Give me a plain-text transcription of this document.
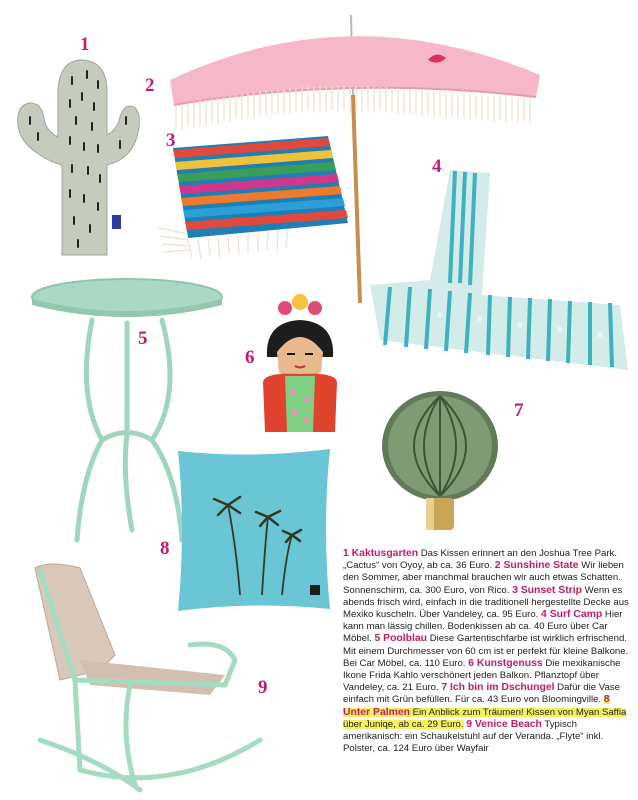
1
2
3
4
5
6
7
8
9
1 Kaktusgarten Das Kissen erinnert an den Joshua Tree Park. „Cactus“ von Oyoy, ab ca. 36 Euro. 2 Sunshine State Wir lieben den Sommer, aber manchmal brauchen wir auch etwas Schatten. Sonnenschirm, ca. 300 Euro, von Rico. 3 Sunset Strip Wenn es abends frisch wird, einfach in die traditionell hergestellte Decke aus Mexiko kuscheln. Über Vandeley, ca. 95 Euro. 4 Surf Camp Hier kann man lässig chillen. Bodenkissen ab ca. 40 Euro über Car Möbel. 5 Poolblau Diese Gartentischfarbe ist wirklich erfrischend. Mit einem Durchmesser von 60 cm ist er perfekt für kleine Balkone. Bei Car Möbel, ca. 110 Euro. 6 Kunstgenuss Die mexikanische Ikone Frida Kahlo verschönert jeden Balkon. Pflanztopf über Vandeley, ca. 21 Euro. 7 Ich bin im Dschungel Dafür die Vase einfach mit Grün befüllen. Für ca. 43 Euro von Bloomingville. 8 Unter Palmen Ein Anblick zum Träumen! Kissen von Myan Saffia über Juniqe, ab ca. 29 Euro. 9 Venice Beach Typisch amerikanisch: ein Schaukelstuhl auf der Veranda. „Flyte“ inkl. Polster, ca. 124 Euro über Wayfair
